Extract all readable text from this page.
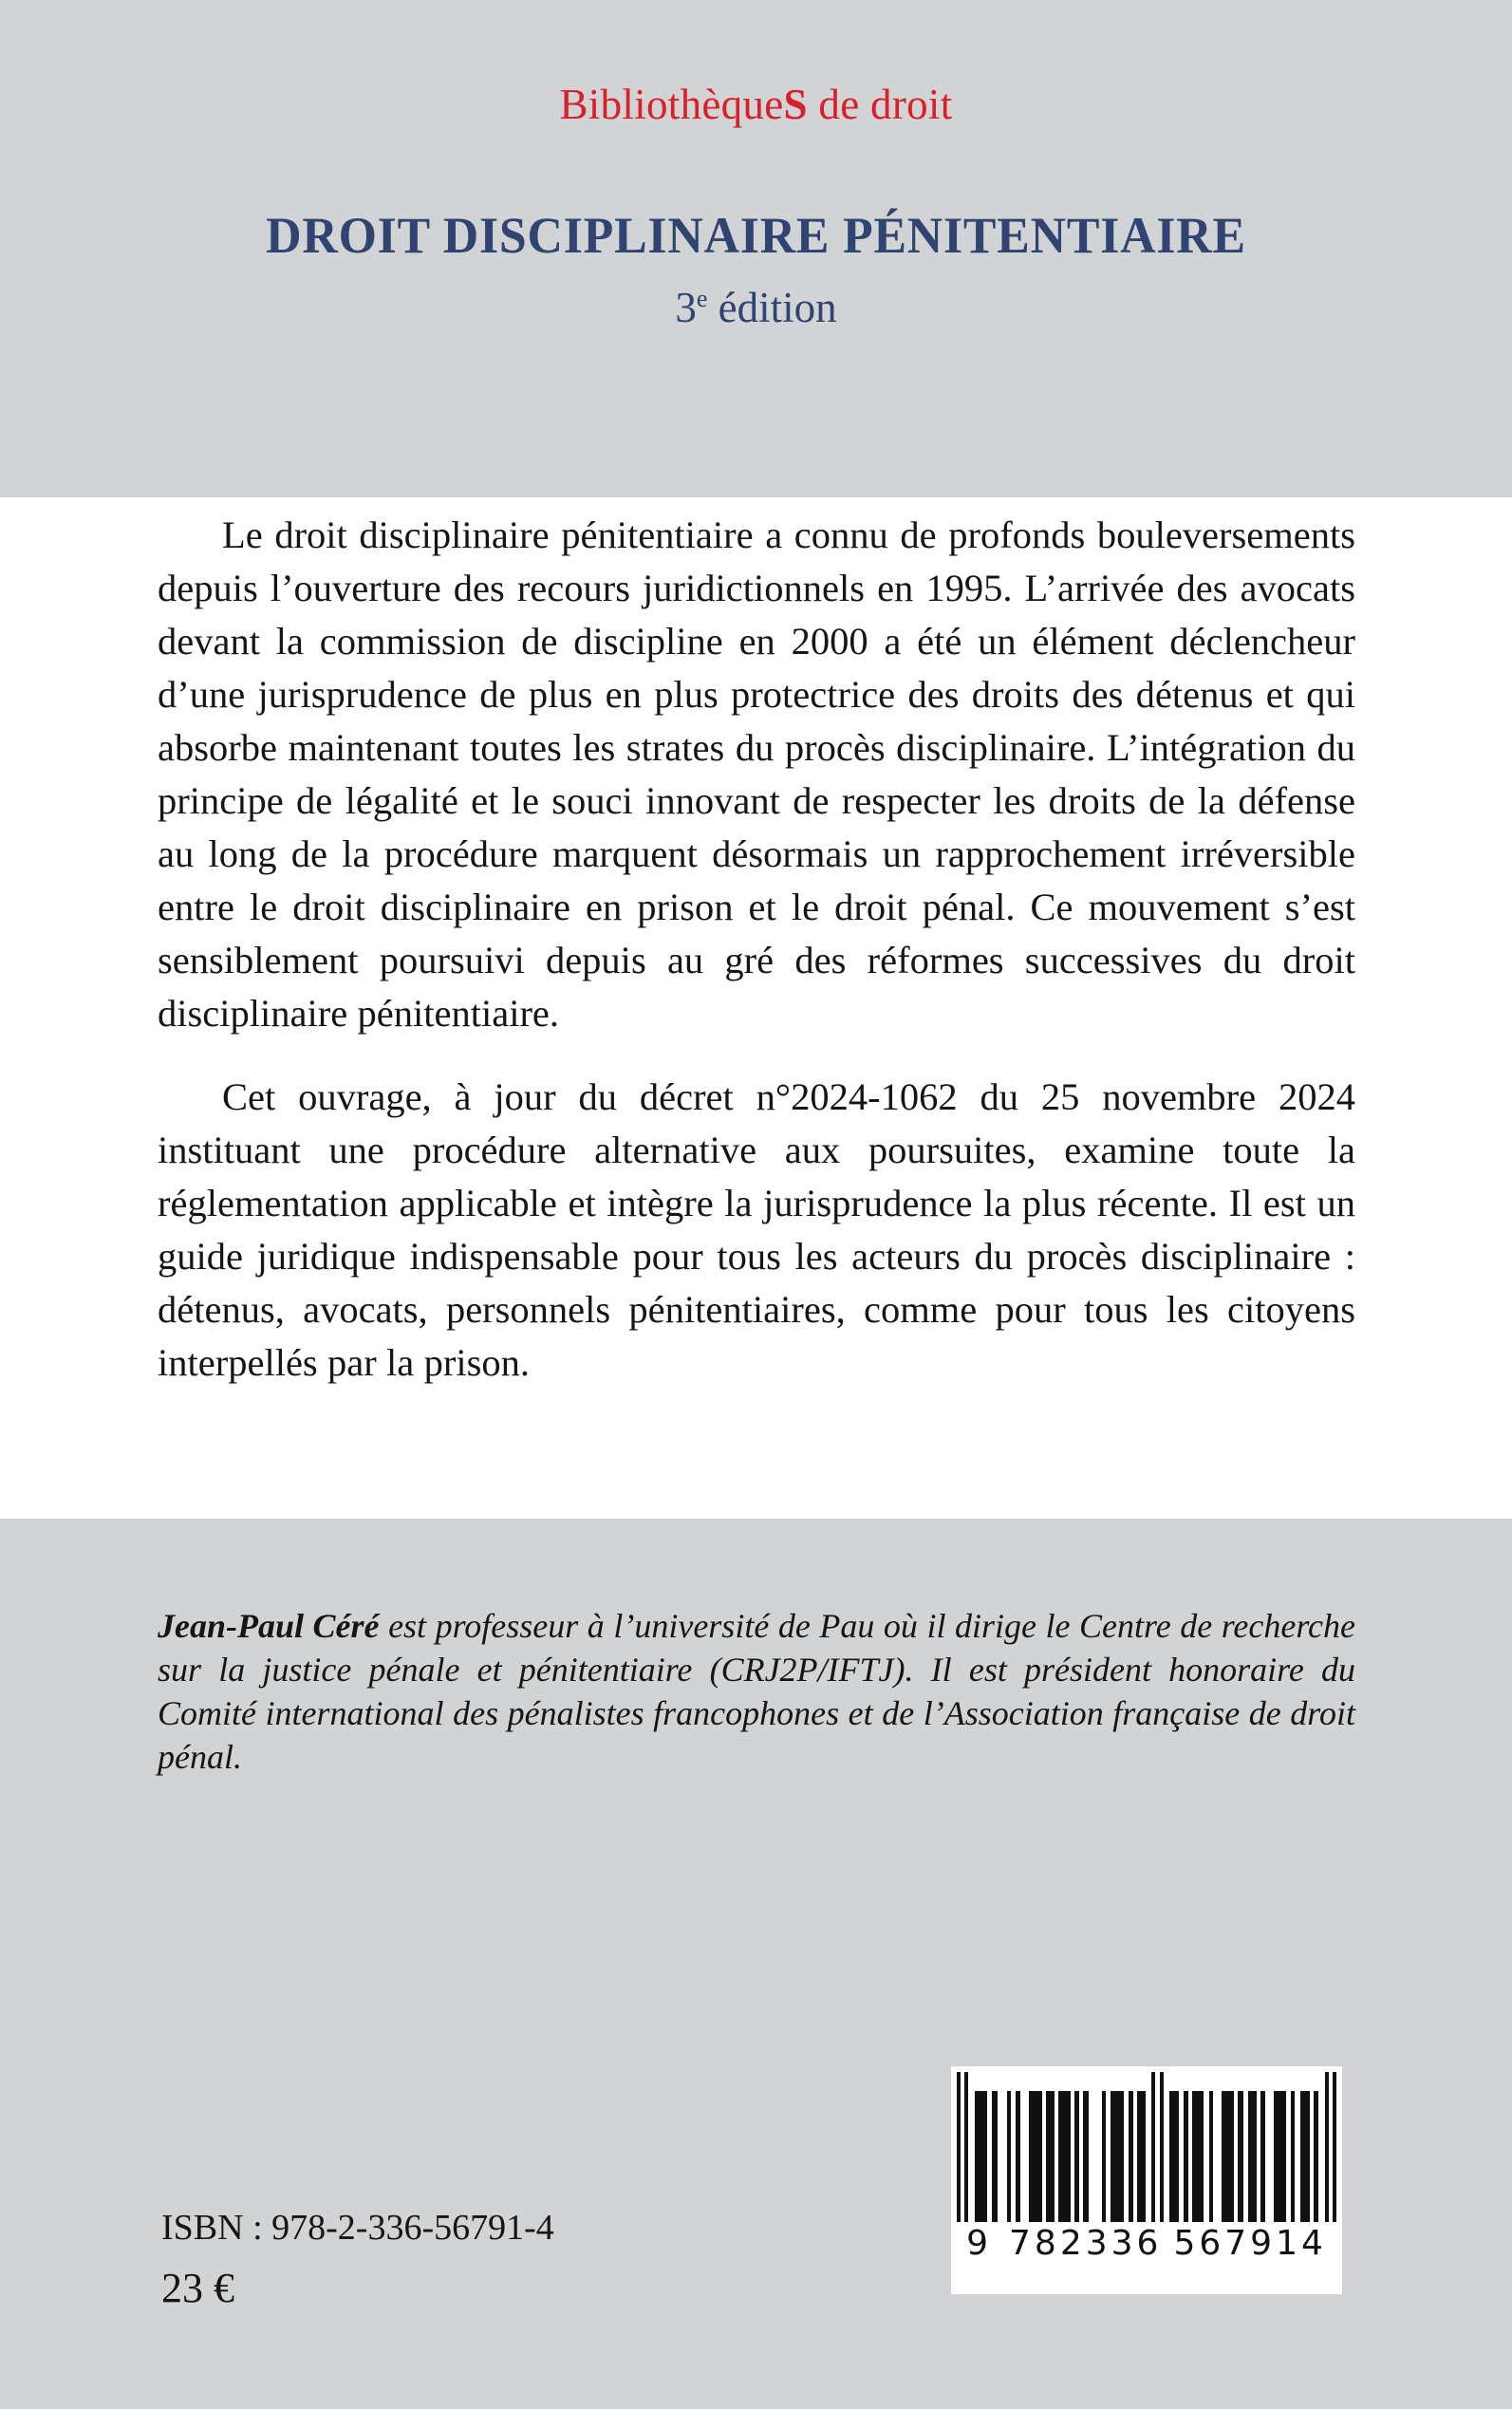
BibliothèqueS de droit
DROIT DISCIPLINAIRE PÉNITENTIAIRE
3e édition

Le droit disciplinaire pénitentiaire a connu de profonds bouleversements depuis l’ouverture des recours juridictionnels en 1995. L’arrivée des avocats devant la commission de discipline en 2000 a été un élément déclencheur d’une jurisprudence de plus en plus protectrice des droits des détenus et qui absorbe maintenant toutes les strates du procès disciplinaire. L’intégration du principe de légalité et le souci innovant de respecter les droits de la défense au long de la procédure marquent désormais un rapprochement irréversible entre le droit disciplinaire en prison et le droit pénal. Ce mouvement s’est sensiblement poursuivi depuis au gré des réformes successives du droit disciplinaire pénitentiaire.

Cet ouvrage, à jour du décret n°2024-1062 du 25 novembre 2024 instituant une procédure alternative aux poursuites, examine toute la réglementation applicable et intègre la jurisprudence la plus récente. Il est un guide juridique indispensable pour tous les acteurs du procès disciplinaire : détenus, avocats, personnels pénitentiaires, comme pour tous les citoyens interpellés par la prison.

Jean-Paul Céré est professeur à l’université de Pau où il dirige le Centre de recherche sur la justice pénale et pénitentiaire (CRJ2P/IFTJ). Il est président honoraire du Comité international des pénalistes francophones et de l’Association française de droit pénal.

9 782336 567914
ISBN : 978-2-336-56791-4
23 €
